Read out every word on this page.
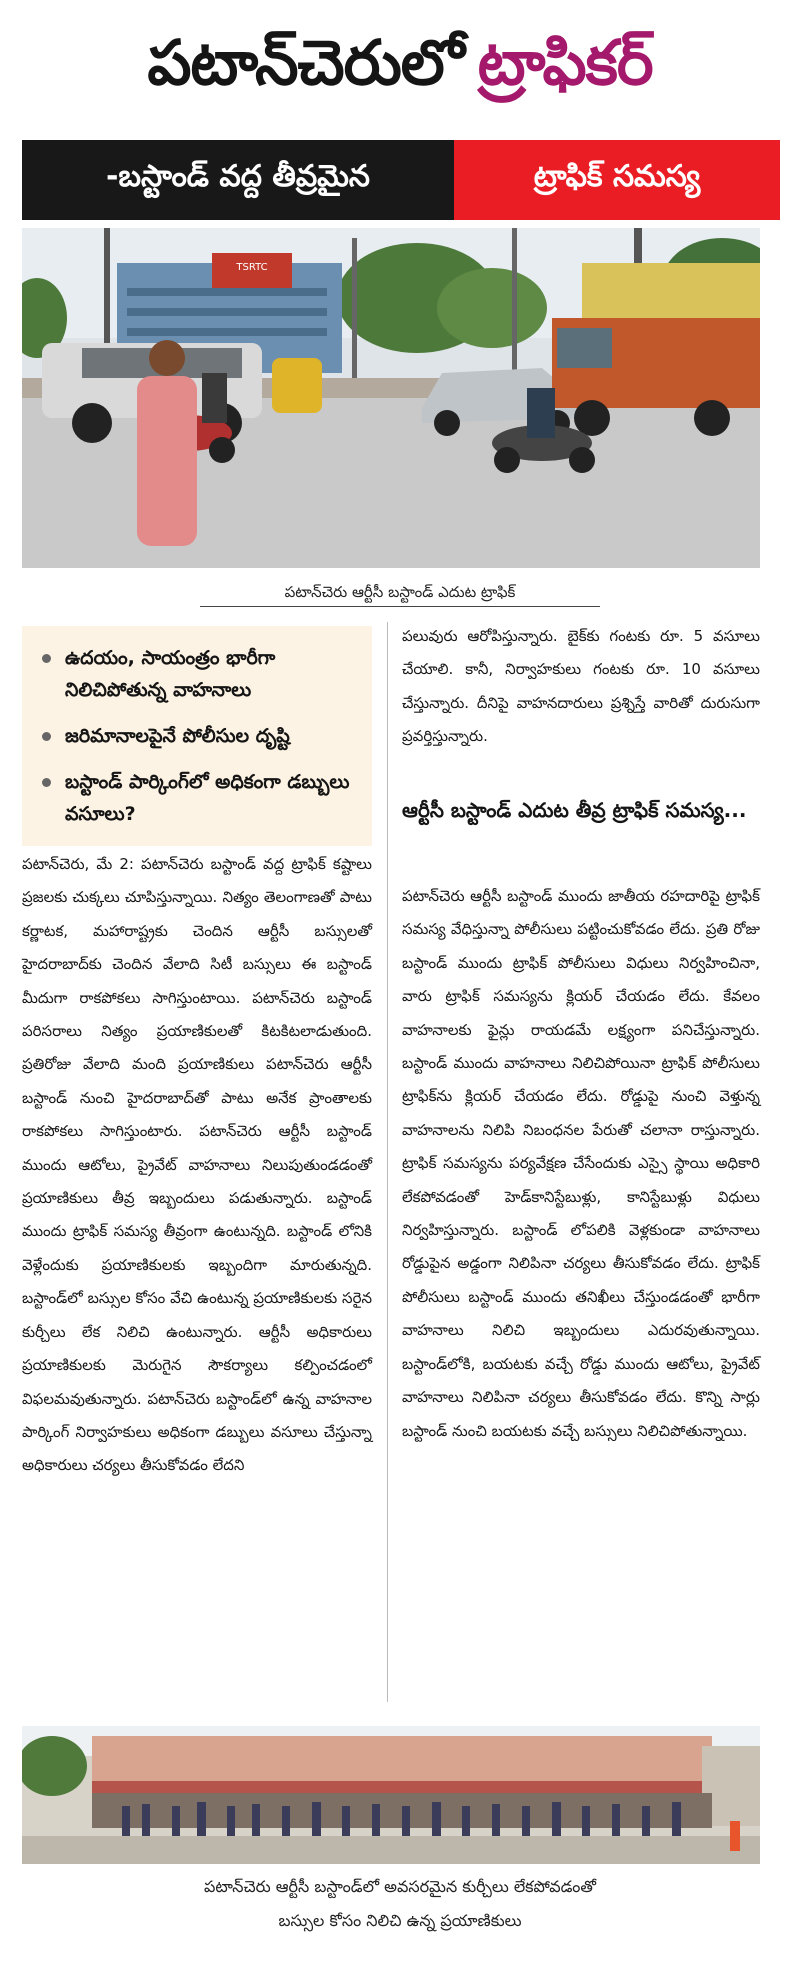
పటాన్‌చెరులో ట్రాఫికర్
-బస్టాండ్ వద్ద తీవ్రమైన	ట్రాఫిక్ సమస్య
TSRTC
పటాన్‌చెరు ఆర్టీసీ బస్టాండ్ ఎదుట ట్రాఫిక్
ఉదయం, సాయంత్రం భారీగా నిలిచిపోతున్న వాహనాలు
జరిమానాలపైనే పోలీసుల దృష్టి
బస్టాండ్ పార్కింగ్‌లో అధికంగా డబ్బులు వసూలు?

పటాన్‌చెరు, మే 2: పటాన్‌చెరు బస్టాండ్ వద్ద ట్రాఫిక్ కష్టాలు ప్రజలకు చుక్కలు చూపిస్తున్నాయి. నిత్యం తెలంగాణతో పాటు కర్ణాటక, మహారాష్ట్రకు చెందిన ఆర్టీసీ బస్సులతో హైదరాబాద్‌కు చెందిన వేలాది సిటీ బస్సులు ఈ బస్టాండ్ మీదుగా రాకపోకలు సాగిస్తుంటాయి. పటాన్‌చెరు బస్టాండ్ పరిసరాలు నిత్యం ప్రయాణికులతో కిటకిటలాడుతుంది. ప్రతిరోజు వేలాది మంది ప్రయాణికులు పటాన్‌చెరు ఆర్టీసీ బస్టాండ్ నుంచి హైదరాబాద్‌తో పాటు అనేక ప్రాంతాలకు రాకపోకలు సాగిస్తుంటారు. పటాన్‌చెరు ఆర్టీసీ బస్టాండ్ ముందు ఆటోలు, ప్రైవేట్ వాహనాలు నిలుపుతుండడంతో ప్రయాణికులు తీవ్ర ఇబ్బందులు పడుతున్నారు. బస్టాండ్ ముందు ట్రాఫిక్ సమస్య తీవ్రంగా ఉంటున్నది. బస్టాండ్ లోనికి వెళ్లేందుకు ప్రయాణికులకు ఇబ్బందిగా మారుతున్నది. బస్టాండ్‌లో బస్సుల కోసం వేచి ఉంటున్న ప్రయాణికులకు సరైన కుర్చీలు లేక నిలిచి ఉంటున్నారు. ఆర్టీసీ అధికారులు ప్రయాణికులకు మెరుగైన సౌకర్యాలు కల్పించడంలో విఫలమవుతున్నారు. పటాన్‌చెరు బస్టాండ్‌లో ఉన్న వాహనాల పార్కింగ్ నిర్వాహకులు అధికంగా డబ్బులు వసూలు చేస్తున్నా అధికారులు చర్యలు తీసుకోవడం లేదని

పలువురు ఆరోపిస్తున్నారు. బైక్‌కు గంటకు రూ. 5 వసూలు చేయాలి. కానీ, నిర్వాహకులు గంటకు రూ. 10 వసూలు చేస్తున్నారు. దీనిపై వాహనదారులు ప్రశ్నిస్తే వారితో దురుసుగా ప్రవర్తిస్తున్నారు.

ఆర్టీసీ బస్టాండ్ ఎదుట తీవ్ర ట్రాఫిక్ సమస్య...

పటాన్‌చెరు ఆర్టీసీ బస్టాండ్ ముందు జాతీయ రహదారిపై ట్రాఫిక్ సమస్య వేధిస్తున్నా పోలీసులు పట్టించుకోవడం లేదు. ప్రతి రోజు బస్టాండ్ ముందు ట్రాఫిక్ పోలీసులు విధులు నిర్వహించినా, వారు ట్రాఫిక్ సమస్యను క్లియర్ చేయడం లేదు. కేవలం వాహనాలకు ఫైన్లు రాయడమే లక్ష్యంగా పనిచేస్తున్నారు. బస్టాండ్ ముందు వాహనాలు నిలిచిపోయినా ట్రాఫిక్ పోలీసులు ట్రాఫిక్‌ను క్లియర్ చేయడం లేదు. రోడ్డుపై నుంచి వెళ్తున్న వాహనాలను నిలిపి నిబంధనల పేరుతో చలానా రాస్తున్నారు. ట్రాఫిక్ సమస్యను పర్యవేక్షణ చేసేందుకు ఎస్సై స్థాయి అధికారి లేకపోవడంతో హెడ్‌కానిస్టేబుళ్లు, కానిస్టేబుళ్లు విధులు నిర్వహిస్తున్నారు. బస్టాండ్ లోపలికి వెళ్లకుండా వాహనాలు రోడ్డుపైన అడ్డంగా నిలిపినా చర్యలు తీసుకోవడం లేదు. ట్రాఫిక్ పోలీసులు బస్టాండ్ ముందు తనిఖీలు చేస్తుండడంతో భారీగా వాహనాలు నిలిచి ఇబ్బందులు ఎదురవుతున్నాయి. బస్టాండ్‌లోకి, బయటకు వచ్చే రోడ్డు ముందు ఆటోలు, ప్రైవేట్ వాహనాలు నిలిపినా చర్యలు తీసుకోవడం లేదు. కొన్ని సార్లు బస్టాండ్ నుంచి బయటకు వచ్చే బస్సులు నిలిచిపోతున్నాయి.

పటాన్‌చెరు ఆర్టీసీ బస్టాండ్‌లో అవసరమైన కుర్చీలు లేకపోవడంతో
బస్సుల కోసం నిలిచి ఉన్న ప్రయాణికులు
